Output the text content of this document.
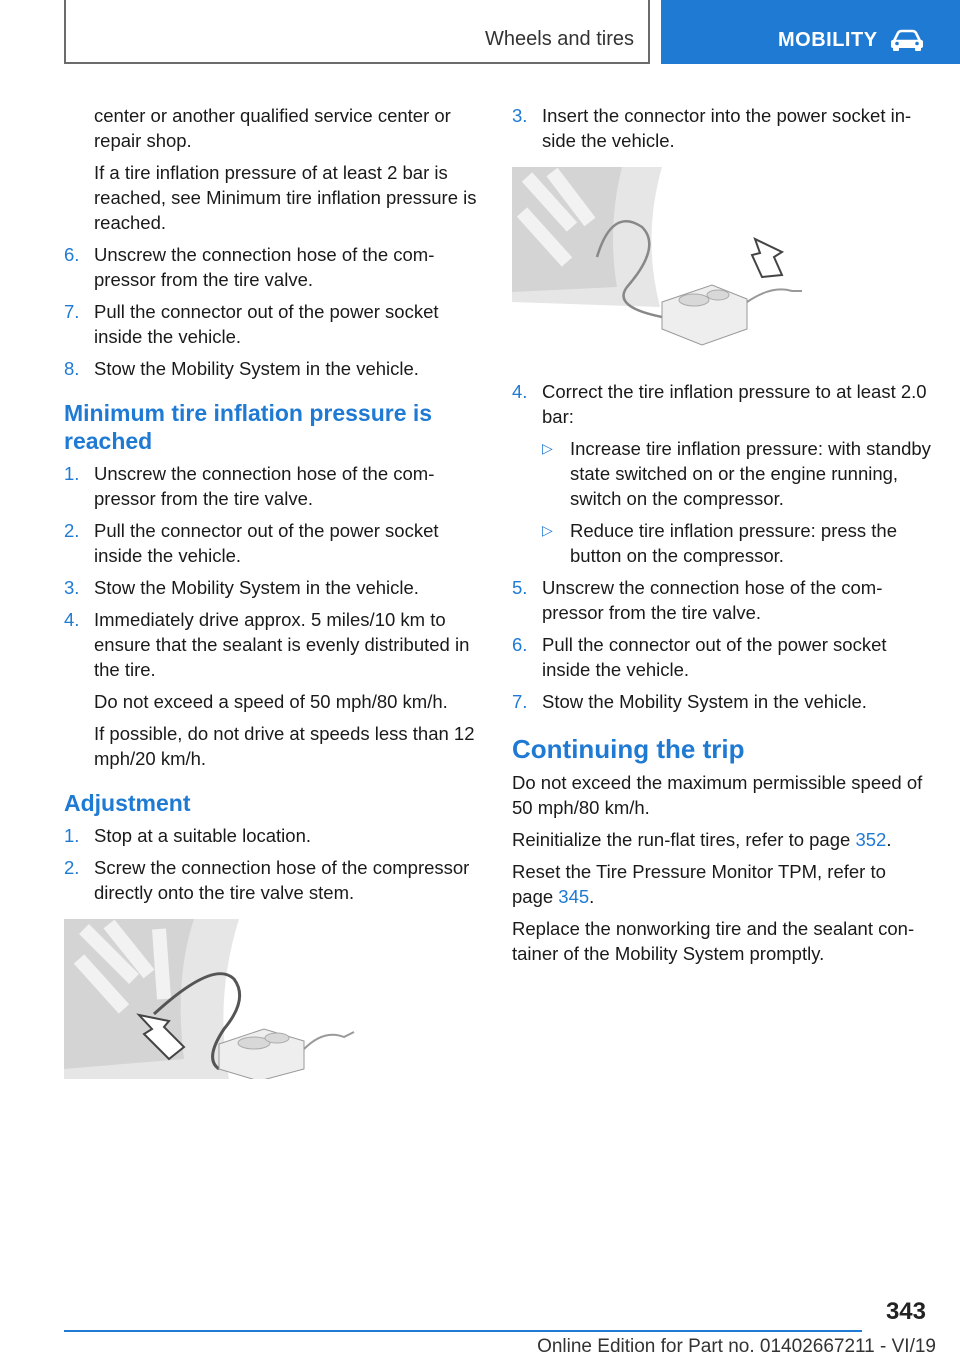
Wheels and tires	MOBILITY

center or another qualified service center or repair shop.

If a tire inflation pressure of at least 2 bar is reached, see Minimum tire inflation pressure is reached.

6. Unscrew the connection hose of the compressor from the tire valve.
7. Pull the connector out of the power socket inside the vehicle.
8. Stow the Mobility System in the vehicle.
Minimum tire inflation pressure is reached
1. Unscrew the connection hose of the compressor from the tire valve.
2. Pull the connector out of the power socket inside the vehicle.
3. Stow the Mobility System in the vehicle.
4. Immediately drive approx. 5 miles/10 km to ensure that the sealant is evenly distributed in the tire.

Do not exceed a speed of 50 mph/80 km/h.

If possible, do not drive at speeds less than 12 mph/20 km/h.

Adjustment
1. Stop at a suitable location.
2. Screw the connection hose of the compressor directly onto the tire valve stem.
3. Insert the connector into the power socket inside the vehicle.
4. Correct the tire inflation pressure to at least 2.0 bar:
▷ Increase tire inflation pressure: with standby state switched on or the engine running, switch on the compressor.
▷ Reduce tire inflation pressure: press the button on the compressor.
5. Unscrew the connection hose of the compressor from the tire valve.
6. Pull the connector out of the power socket inside the vehicle.
7. Stow the Mobility System in the vehicle.
Continuing the trip

Do not exceed the maximum permissible speed of 50 mph/80 km/h.

Reinitialize the run-flat tires, refer to page 352.

Reset the Tire Pressure Monitor TPM, refer to page 345.

Replace the nonworking tire and the sealant container of the Mobility System promptly.

343
Online Edition for Part no. 01402667211 - VI/19
